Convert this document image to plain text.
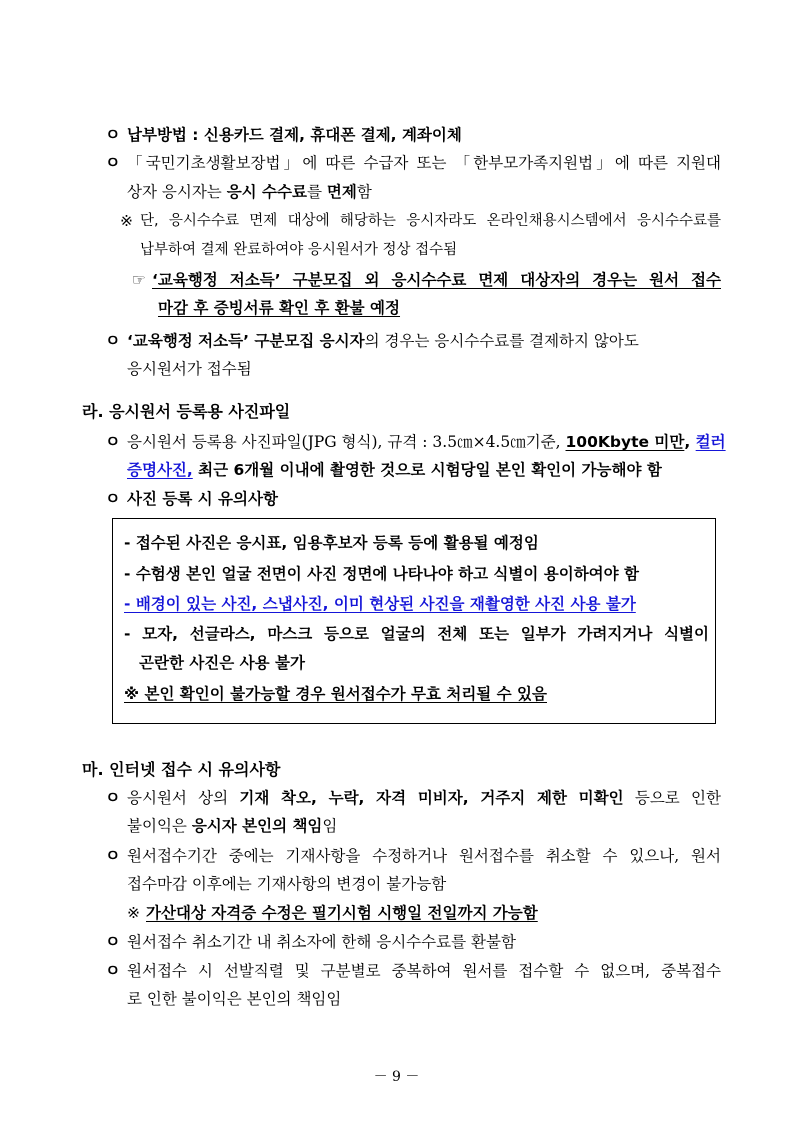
ㅇ 납부방법 : 신용카드 결제, 휴대폰 결제, 계좌이체
ㅇ 「국민기초생활보장법」에 따른 수급자 또는 「한부모가족지원법」에 따른 지원대
상자 응시자는 응시 수수료를 면제함
※ 단, 응시수수료 면제 대상에 해당하는 응시자라도 온라인채용시스템에서 응시수수료를
납부하여 결제 완료하여야 응시원서가 정상 접수됨
☞ ‘교육행정 저소득’ 구분모집 외 응시수수료 면제 대상자의 경우는 원서 접수
마감 후 증빙서류 확인 후 환불 예정
ㅇ ‘교육행정 저소득’ 구분모집 응시자의 경우는 응시수수료를 결제하지 않아도
응시원서가 접수됨
라. 응시원서 등록용 사진파일
ㅇ 응시원서 등록용 사진파일(JPG 형식), 규격 : 3.5㎝×4.5㎝기준, 100Kbyte 미만, 컬러
증명사진, 최근 6개월 이내에 촬영한 것으로 시험당일 본인 확인이 가능해야 함
ㅇ 사진 등록 시 유의사항
- 접수된 사진은 응시표, 임용후보자 등록 등에 활용될 예정임
- 수험생 본인 얼굴 전면이 사진 정면에 나타나야 하고 식별이 용이하여야 함
- 배경이 있는 사진, 스냅사진, 이미 현상된 사진을 재촬영한 사진 사용 불가
- 모자, 선글라스, 마스크 등으로 얼굴의 전체 또는 일부가 가려지거나 식별이
곤란한 사진은 사용 불가
※ 본인 확인이 불가능할 경우 원서접수가 무효 처리될 수 있음
마. 인터넷 접수 시 유의사항
ㅇ 응시원서 상의 기재 착오, 누락, 자격 미비자, 거주지 제한 미확인 등으로 인한
불이익은 응시자 본인의 책임임
ㅇ 원서접수기간 중에는 기재사항을 수정하거나 원서접수를 취소할 수 있으나, 원서
접수마감 이후에는 기재사항의 변경이 불가능함
※ 가산대상 자격증 수정은 필기시험 시행일 전일까지 가능함
ㅇ 원서접수 취소기간 내 취소자에 한해 응시수수료를 환불함
ㅇ 원서접수 시 선발직렬 및 구분별로 중복하여 원서를 접수할 수 없으며, 중복접수
로 인한 불이익은 본인의 책임임
－ 9 －
